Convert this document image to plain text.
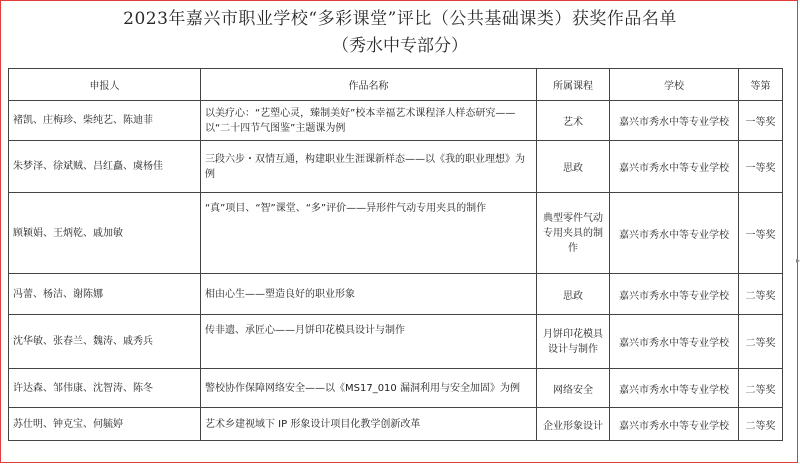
2023年嘉兴市职业学校“多彩课堂”评比（公共基础课类）获奖作品名单
（秀水中专部分）
申报人	作品名称	所属课程	学校	等第
褚凯、庄梅珍、柴纯艺、陈迪菲	以美疗心：“艺塑心灵，臻制美好”校本幸福艺术课程泽人样态研究——以“二十四节气图鉴”主题课为例	艺术	嘉兴市秀水中等专业学校	一等奖
朱梦泽、徐斌贼、吕红矗、虞杨佳	三段六步・双情互通，构建职业生涯课新样态——以《我的职业理想》为例	思政	嘉兴市秀水中等专业学校	一等奖
顾颖娟、王炳乾、戚加敏	“真”项目、“智”课堂、“多”评价——异形件气动专用夹具的制作	典型零件气动专用夹具的制作	嘉兴市秀水中等专业学校	一等奖
冯蕾、杨洁、谢陈娜	相由心生——塑造良好的职业形象	思政	嘉兴市秀水中等专业学校	二等奖
沈华敏、张春兰、魏涛、戚秀兵	传非遗、承匠心——月饼印花模具设计与制作	月饼印花模具设计与制作	嘉兴市秀水中等专业学校	二等奖
许达森、邹伟康、沈智涛、陈冬	警校协作保障网络安全——以《MS17_010 漏洞利用与安全加固》为例	网络安全	嘉兴市秀水中等专业学校	二等奖
苏仕明、钟克宝、何毓婷	艺术乡建视域下 IP 形象设计项目化教学创新改革	企业形象设计	嘉兴市秀水中等专业学校	二等奖
▸
